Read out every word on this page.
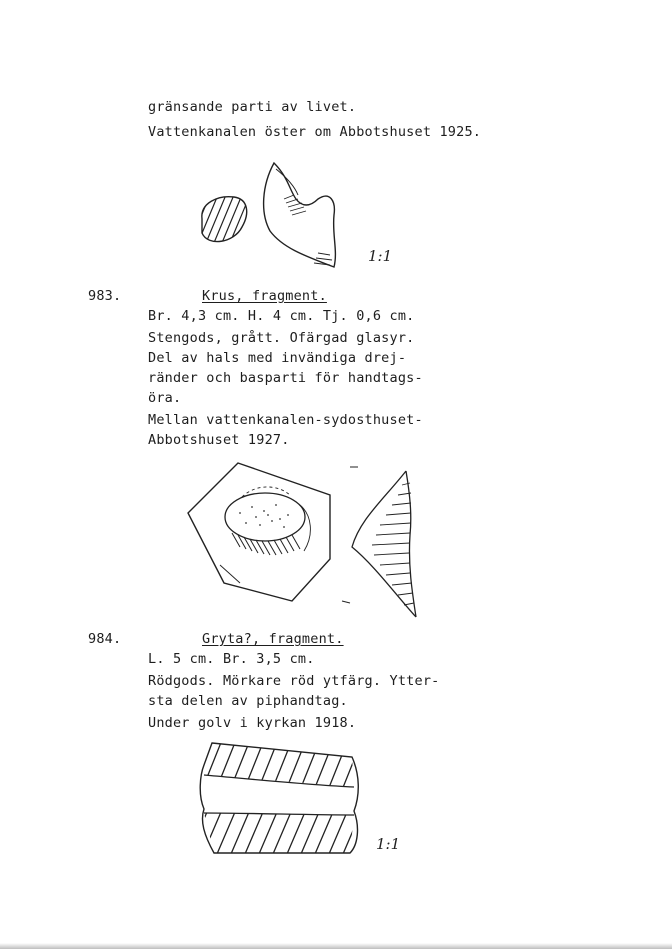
gränsande parti av livet.
Vattenkanalen öster om Abbotshuset 1925.
1:1
983.	Krus, fragment.
Br. 4,3 cm. H. 4 cm. Tj. 0,6 cm.
Stengods, grått. Ofärgad glasyr.
Del av hals med invändiga drej-
ränder och basparti för handtags-
öra.
Mellan vattenkanalen-sydosthuset-
Abbotshuset 1927.
984.	Gryta?, fragment.
L. 5 cm. Br. 3,5 cm.
Rödgods. Mörkare röd ytfärg. Ytter-
sta delen av piphandtag.
Under golv i kyrkan 1918.
1:1
